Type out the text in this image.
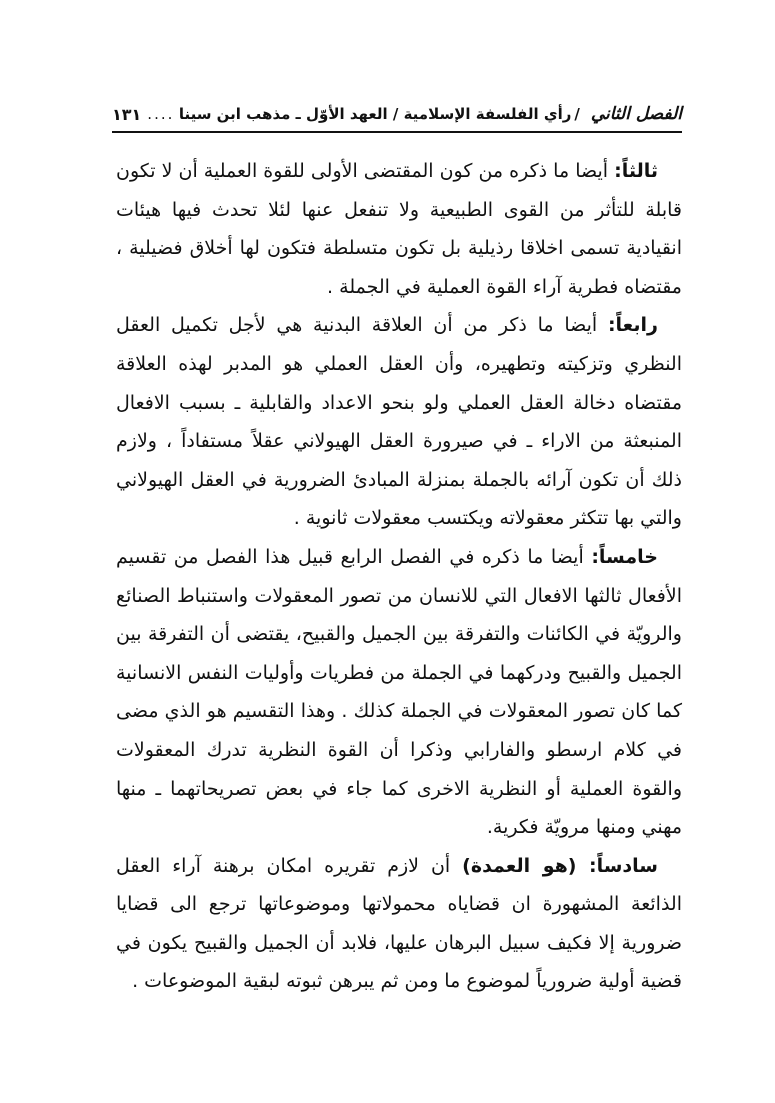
الفصل الثاني
/
رأي الفلسفة الإسلامية / العهد الأوّل ـ مذهب ابن سينا
.....
١٣١

ثالثاً: أيضا ما ذكره من كون المقتضى الأولى للقوة العملية أن لا تكون قابلة للتأثر من القوى الطبيعية ولا تنفعل عنها لئلا تحدث فيها هيئات انقيادية تسمى اخلاقا رذيلية بل تكون متسلطة فتكون لها أخلاق فضيلية ، مقتضاه فطرية آراء القوة العملية في الجملة .

رابعاً: أيضا ما ذكر من أن العلاقة البدنية هي لأجل تكميل العقل النظري وتزكيته وتطهيره، وأن العقل العملي هو المدبر لهذه العلاقة مقتضاه دخالة العقل العملي ولو بنحو الاعداد والقابلية ـ بسبب الافعال المنبعثة من الاراء ـ في صيرورة العقل الهيولاني عقلاً مستفاداً ، ولازم ذلك أن تكون آرائه بالجملة بمنزلة المبادئ الضرورية في العقل الهيولاني والتي بها تتكثر معقولاته ويكتسب معقولات ثانوية .

خامساً: أيضا ما ذكره في الفصل الرابع قبيل هذا الفصل من تقسيم الأفعال ثالثها الافعال التي للانسان من تصور المعقولات واستنباط الصنائع والرويّة في الكائنات والتفرقة بين الجميل والقبيح، يقتضى أن التفرقة بين الجميل والقبيح ودركهما في الجملة من فطريات وأوليات النفس الانسانية كما كان تصور المعقولات في الجملة كذلك . وهذا التقسيم هو الذي مضى في كلام ارسطو والفارابي وذكرا أن القوة النظرية تدرك المعقولات والقوة العملية أو النظرية الاخرى كما جاء في بعض تصريحاتهما ـ منها مهني ومنها مرويّة فكرية.

سادساً: (هو العمدة) أن لازم تقريره امكان برهنة آراء العقل الذائعة المشهورة ان قضاياه محمولاتها وموضوعاتها ترجع الى قضايا ضرورية إلا فكيف سبيل البرهان عليها، فلابد أن الجميل والقبيح يكون في قضية أولية ضرورياً لموضوع ما ومن ثم يبرهن ثبوته لبقية الموضوعات .
